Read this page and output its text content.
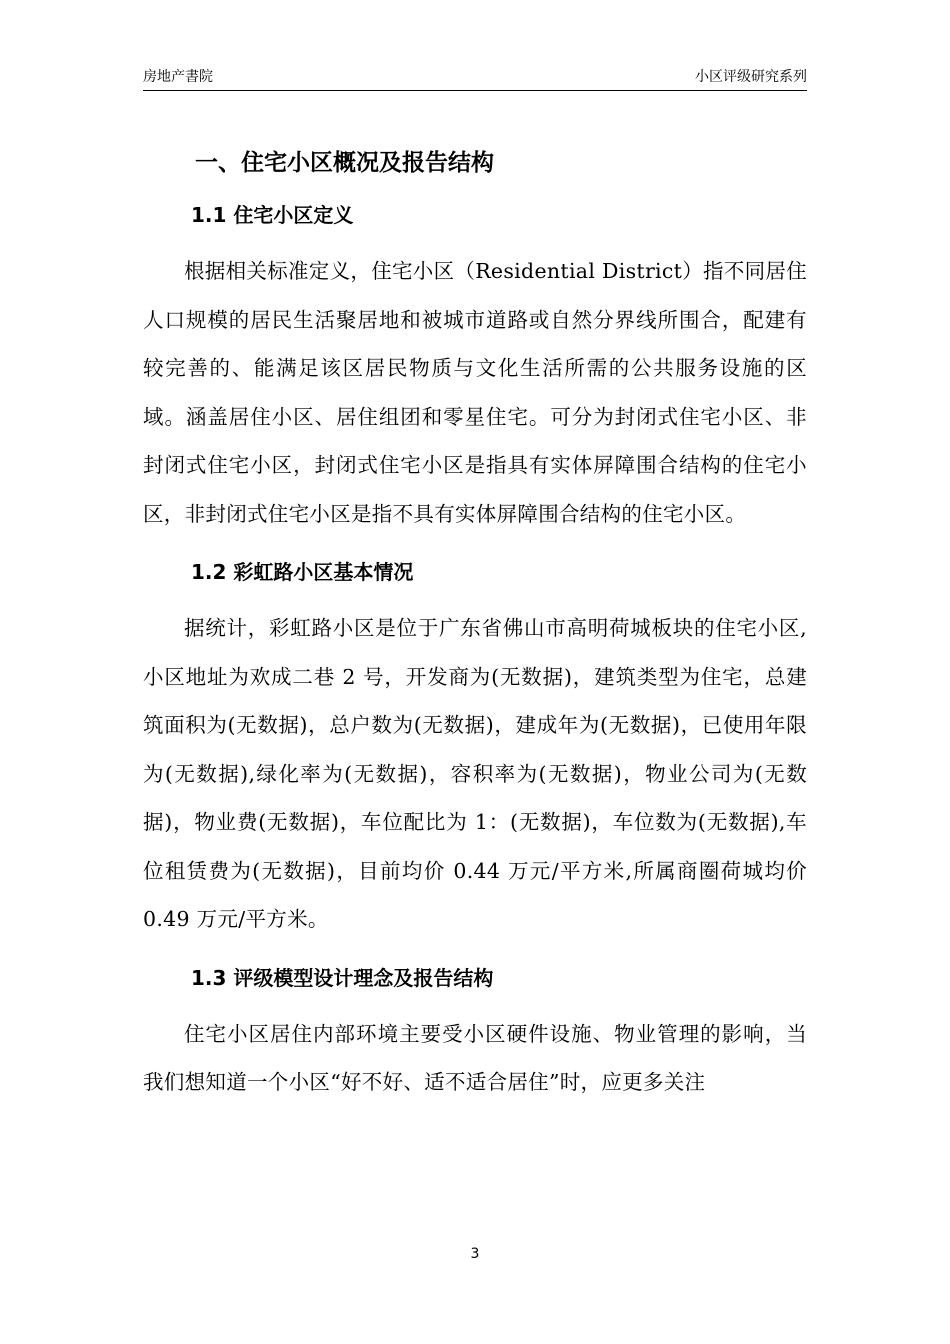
房地产書院	小区评级研究系列
一、住宅小区概况及报告结构
1.1 住宅小区定义

根据相关标准定义，住宅小区（Residential District）指不同居住人口规模的居民生活聚居地和被城市道路或自然分界线所围合，配建有较完善的、能满足该区居民物质与文化生活所需的公共服务设施的区域。涵盖居住小区、居住组团和零星住宅。可分为封闭式住宅小区、非封闭式住宅小区，封闭式住宅小区是指具有实体屏障围合结构的住宅小区，非封闭式住宅小区是指不具有实体屏障围合结构的住宅小区。

1.2 彩虹路小区基本情况

据统计，彩虹路小区是位于广东省佛山市高明荷城板块的住宅小区,小区地址为欢成二巷 2 号，开发商为(无数据)，建筑类型为住宅，总建筑面积为(无数据)，总户数为(无数据)，建成年为(无数据)，已使用年限为(无数据),绿化率为(无数据)，容积率为(无数据)，物业公司为(无数据)，物业费(无数据)，车位配比为 1：(无数据)，车位数为(无数据),车位租赁费为(无数据)，目前均价 0.44 万元/平方米,所属商圈荷城均价 0.49 万元/平方米。

1.3 评级模型设计理念及报告结构

住宅小区居住内部环境主要受小区硬件设施、物业管理的影响，当我们想知道一个小区“好不好、适不适合居住”时，应更多关注

3
